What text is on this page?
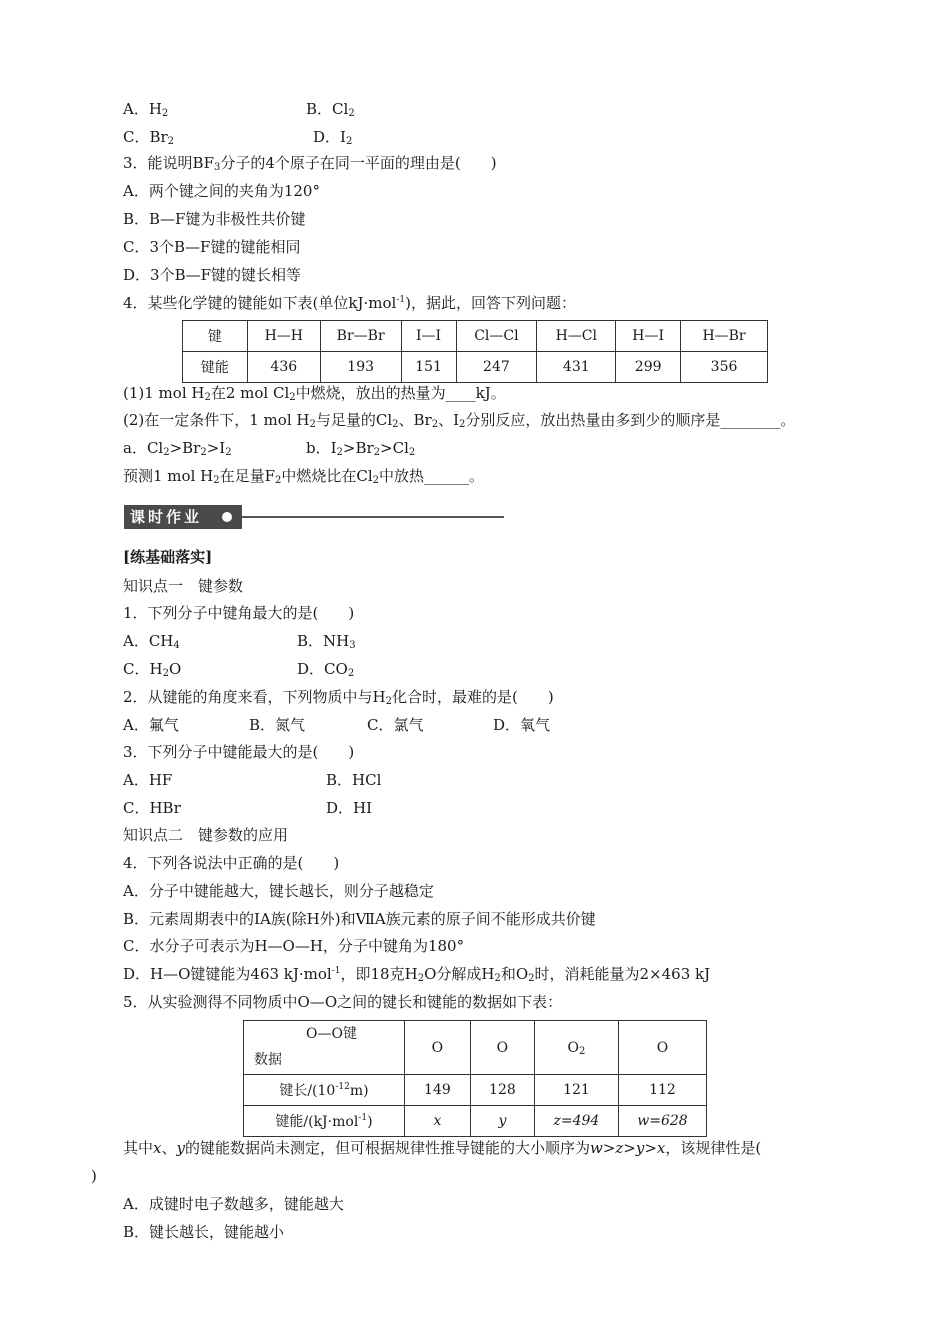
A．$H_2$	B．$Cl_2$
C．$Br_2$	D．$I_2$
3．能说明$BF_3$分子的4个原子在同一平面的理由是(　　)
A．两个键之间的夹角为120°
B．B—F键为非极性共价键
C．3个B—F键的键能相同
D．3个B—F键的键长相等
4．某些化学键的键能如下表(单位kJ·mol$^{-1}$)，据此，回答下列问题：
键	H—H	Br—Br	I—I	Cl—Cl	H—Cl	H—I	H—Br
键能	436	193	151	247	431	299	356
(1)1 mol $H_2$在2 mol $Cl_2$中燃烧，放出的热量为____kJ。
(2)在一定条件下，1 mol $H_2$与足量的$Cl_2$、$Br_2$、$I_2$分别反应，放出热量由多到少的顺序是________。
a．$Cl_2>Br_2>I_2$	b．$I_2>Br_2>Cl_2$
预测1 mol $H_2$在足量$F_2$中燃烧比在$Cl_2$中放热______。
课时作业
[练基础落实]
知识点一　键参数
1．下列分子中键角最大的是(　　)
A．$CH_4$	B．$NH_3$
C．$H_2O$	D．$CO_2$
2．从键能的角度来看，下列物质中与$H_2$化合时，最难的是(　　)
A．氟气	B．氮气	C．氯气	D．氧气
3．下列分子中键能最大的是(　　)
A．HF	B．HCl
C．HBr	D．HI
知识点二　键参数的应用
4．下列各说法中正确的是(　　)
A．分子中键能越大，键长越长，则分子越稳定
B．元素周期表中的ⅠA族(除H外)和ⅦA族元素的原子间不能形成共价键
C．水分子可表示为H—O—H，分子中键角为180°
D．H—O键键能为463 kJ·mol$^{-1}$，即18克$H_2O$分解成$H_2$和$O_2$时，消耗能量为2×463 kJ
5．从实验测得不同物质中O—O之间的键长和键能的数据如下表：
O—O键
数据	O	O	$O_2$	O
键长$/(10^{-12}m)$	149	128	121	112
键能/(kJ·mol$^{-1}$)	x	y	z=494	w=628
其中x、y的键能数据尚未测定，但可根据规律性推导键能的大小顺序为w>z>y>x，该规律性是(
)
A．成键时电子数越多，键能越大
B．键长越长，键能越小
